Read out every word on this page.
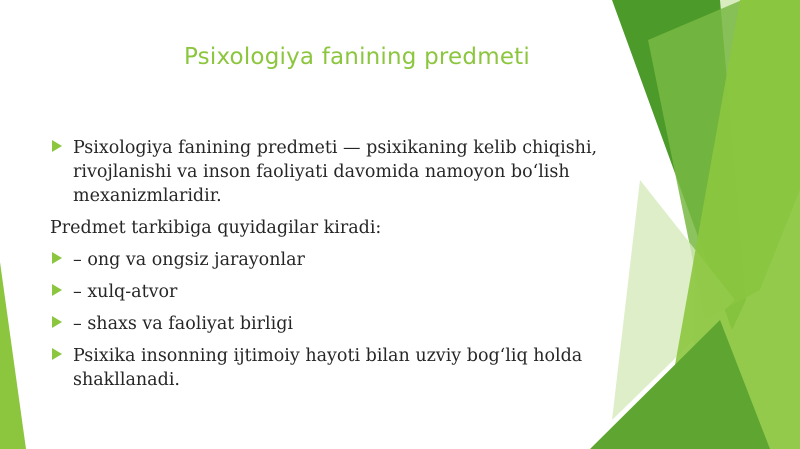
Psixologiya fanining predmeti
Psixologiya fanining predmeti — psixikaning kelib chiqishi, rivojlanishi va inson faoliyati davomida namoyon boʻlish mexanizmlaridir.
Predmet tarkibiga quyidagilar kiradi:
– ong va ongsiz jarayonlar
– xulq-atvor
– shaxs va faoliyat birligi
Psixika insonning ijtimoiy hayoti bilan uzviy bogʻliq holda shakllanadi.
